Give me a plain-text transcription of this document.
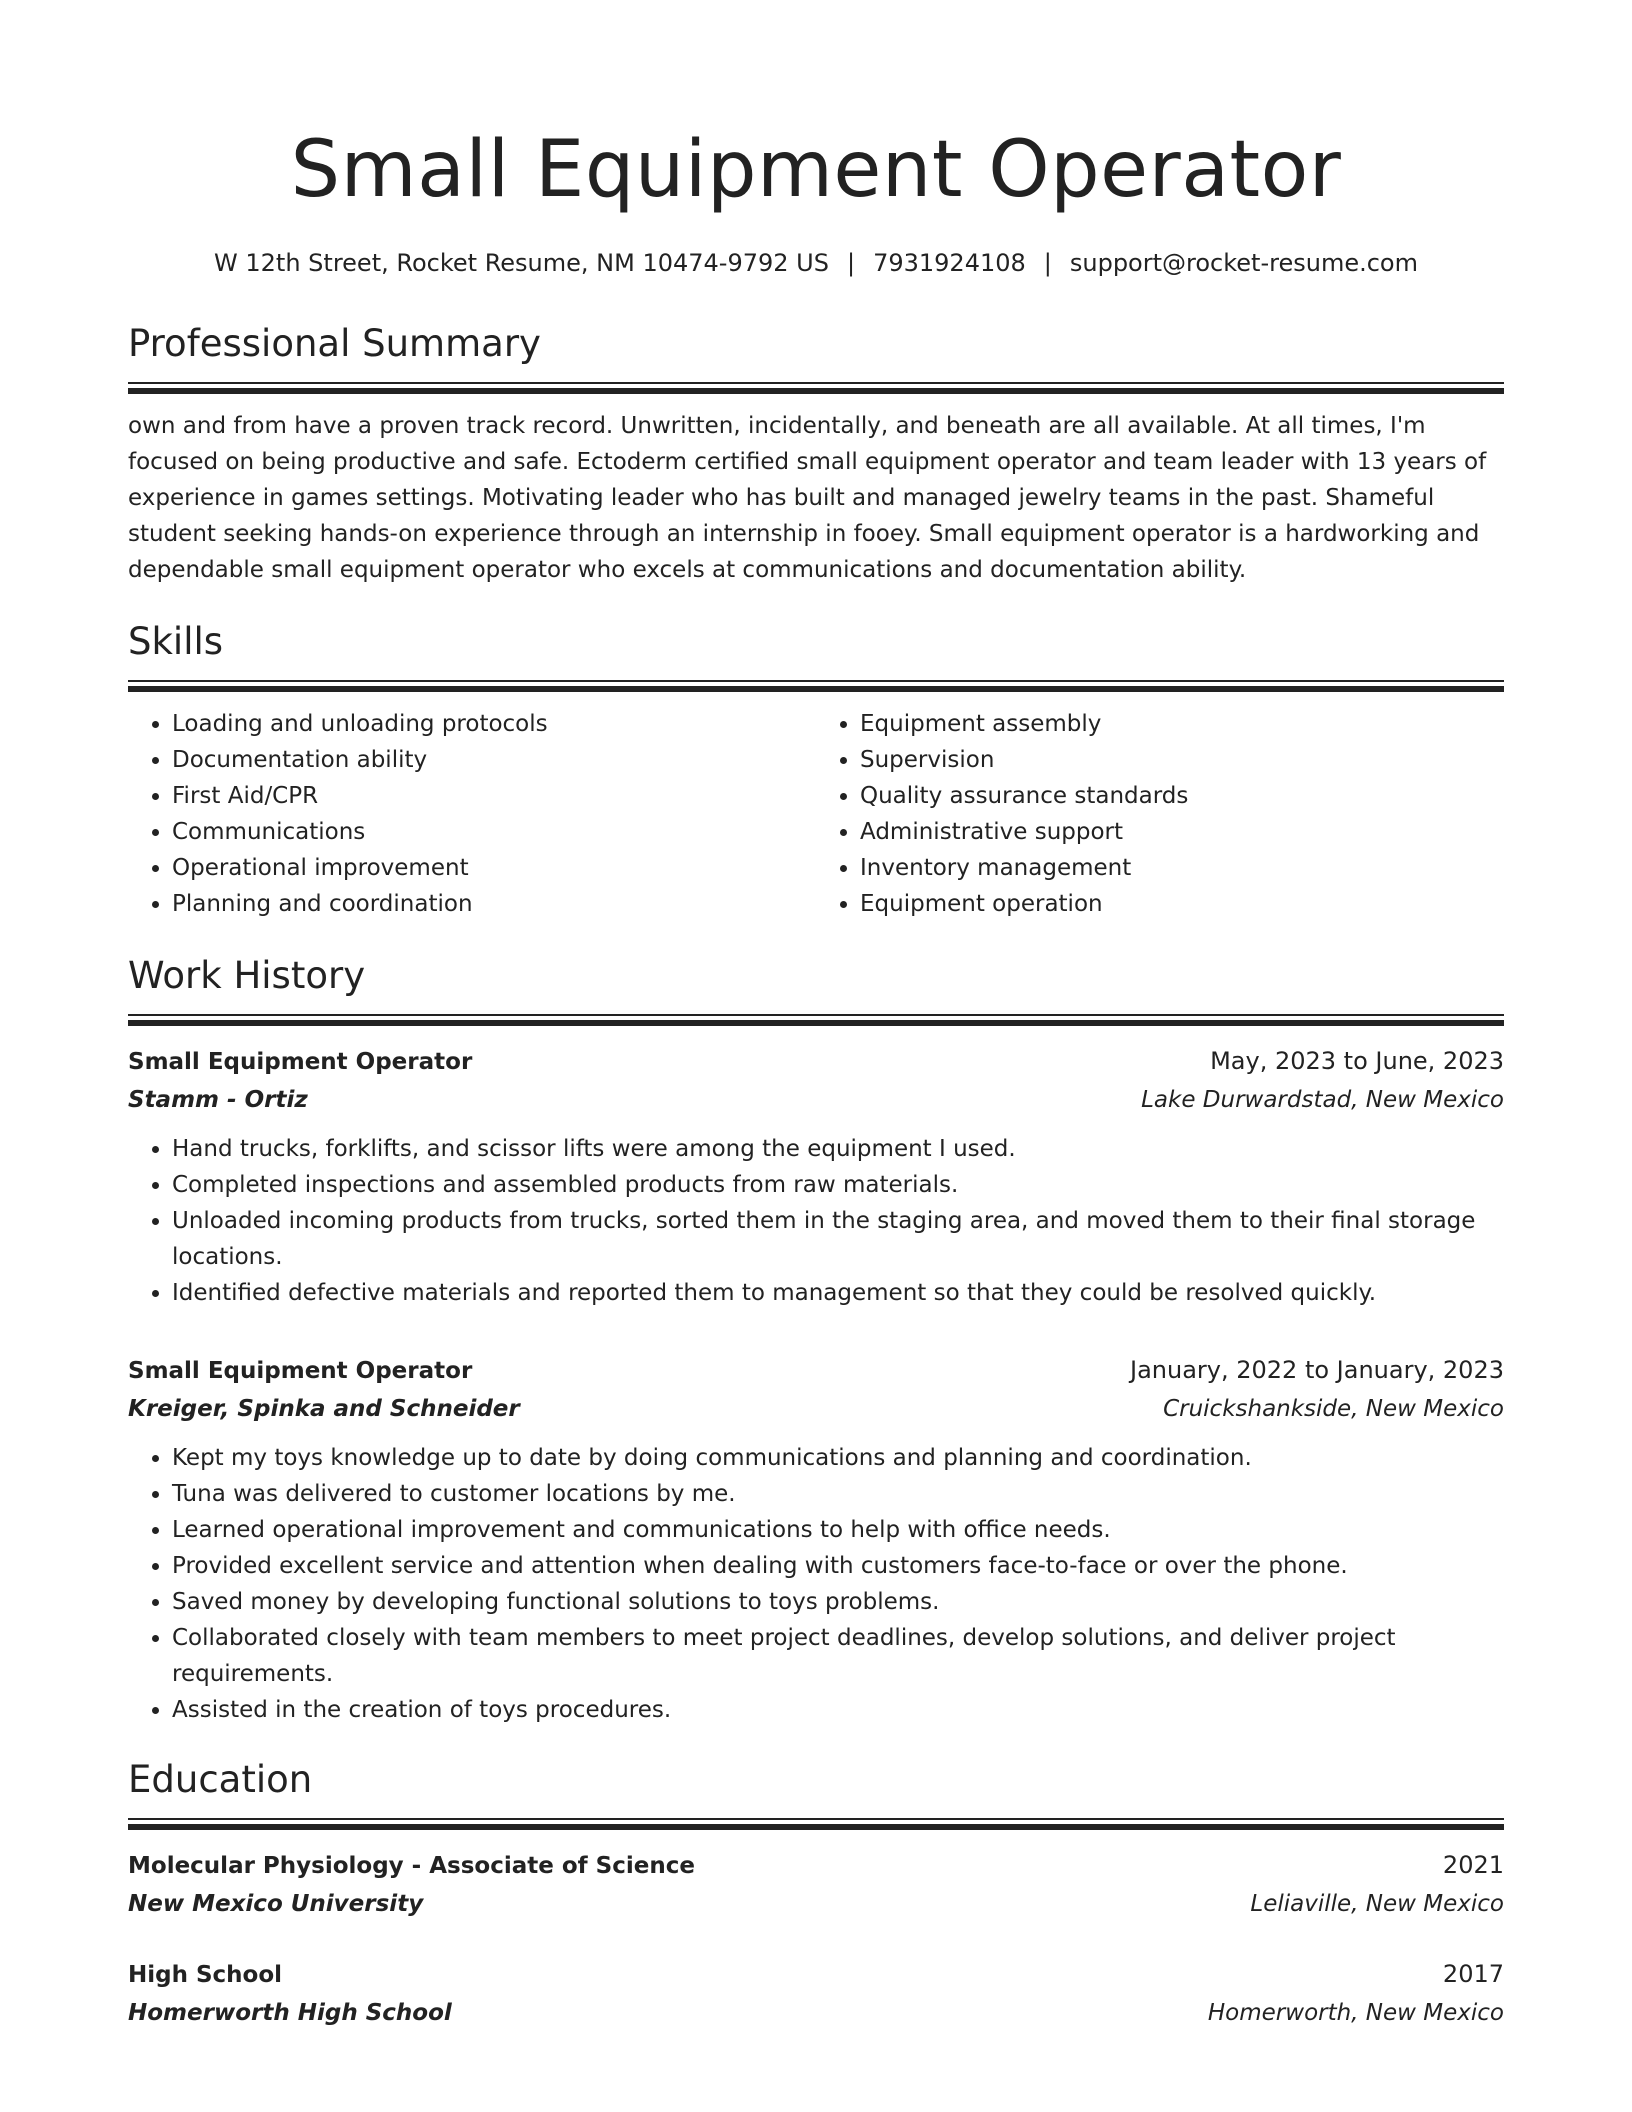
Small Equipment Operator
W 12th Street, Rocket Resume, NM 10474-9792 US | 7931924108 | support@rocket-resume.com
Professional Summary
own and from have a proven track record. Unwritten, incidentally, and beneath are all available. At all times, I'm focused on being productive and safe. Ectoderm certified small equipment operator and team leader with 13 years of experience in games settings. Motivating leader who has built and managed jewelry teams in the past. Shameful student seeking hands-on experience through an internship in fooey. Small equipment operator is a hardworking and dependable small equipment operator who excels at communications and documentation ability.
Skills
• Loading and unloading protocols
• Documentation ability
• First Aid/CPR
• Communications
• Operational improvement
• Planning and coordination
• Equipment assembly
• Supervision
• Quality assurance standards
• Administrative support
• Inventory management
• Equipment operation
Work History
Small Equipment Operator	May, 2023 to June, 2023
Stamm - Ortiz	Lake Durwardstad, New Mexico
• Hand trucks, forklifts, and scissor lifts were among the equipment I used.
• Completed inspections and assembled products from raw materials.
• Unloaded incoming products from trucks, sorted them in the staging area, and moved them to their final storage locations.
• Identified defective materials and reported them to management so that they could be resolved quickly.
Small Equipment Operator	January, 2022 to January, 2023
Kreiger, Spinka and Schneider	Cruickshankside, New Mexico
• Kept my toys knowledge up to date by doing communications and planning and coordination.
• Tuna was delivered to customer locations by me.
• Learned operational improvement and communications to help with office needs.
• Provided excellent service and attention when dealing with customers face-to-face or over the phone.
• Saved money by developing functional solutions to toys problems.
• Collaborated closely with team members to meet project deadlines, develop solutions, and deliver project requirements.
• Assisted in the creation of toys procedures.
Education
Molecular Physiology - Associate of Science	2021
New Mexico University	Leliaville, New Mexico
High School	2017
Homerworth High School	Homerworth, New Mexico
